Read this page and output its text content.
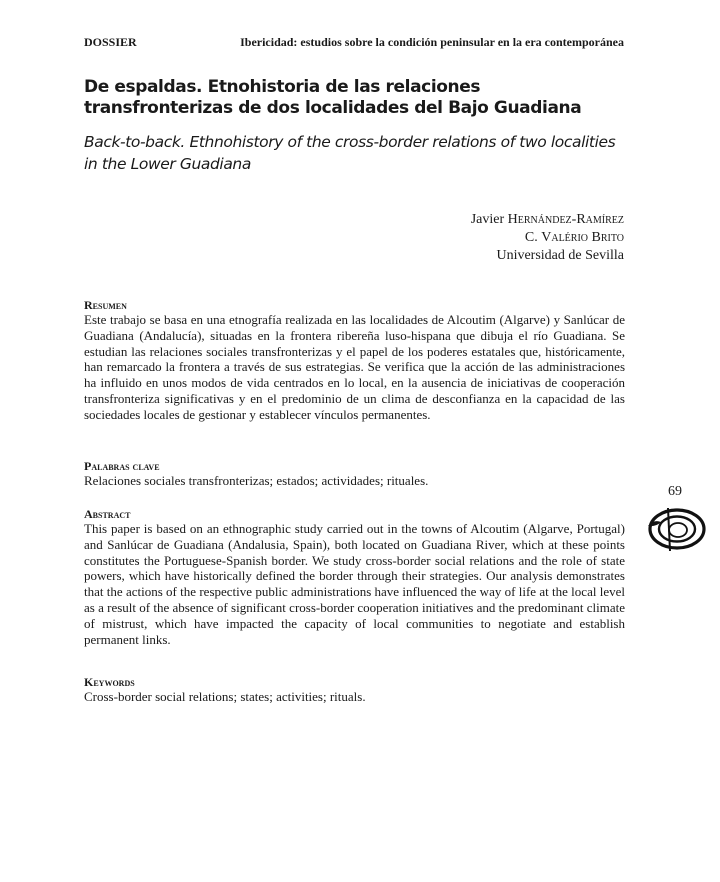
DOSSIER	Ibericidad: estudios sobre la condición peninsular en la era contemporánea
De espaldas. Etnohistoria de las relaciones transfronterizas de dos localidades del Bajo Guadiana
Back-to-back. Ethnohistory of the cross-border relations of two localities in the Lower Guadiana
Javier Hernández-Ramírez
C. Valério Brito
Universidad de Sevilla
Resumen

Este trabajo se basa en una etnografía realizada en las localidades de Alcoutim (Algarve) y Sanlúcar de Guadiana (Andalucía), situadas en la frontera ribereña luso-hispana que dibuja el río Guadiana. Se estudian las relaciones sociales transfronterizas y el papel de los poderes estatales que, históricamente, han remarcado la frontera a través de sus estrategias. Se verifica que la acción de las administraciones ha influido en unos modos de vida centrados en lo local, en la ausencia de iniciativas de cooperación transfronteriza significativas y en el predominio de un clima de desconfianza en la capacidad de las sociedades locales de gestionar y establecer vínculos permanentes.

Palabras clave

Relaciones sociales transfronterizas; estados; actividades; rituales.

Abstract

This paper is based on an ethnographic study carried out in the towns of Alcoutim (Algarve, Portugal) and Sanlúcar de Guadiana (Andalusia, Spain), both located on Guadiana River, which at these points constitutes the Portuguese-Spanish border. We study cross-border social relations and the role of state powers, which have historically defined the border through their strategies. Our analysis demonstrates that the actions of the respective public administrations have influenced the way of life at the local level as a result of the absence of significant cross-border cooperation initiatives and the predominant climate of mistrust, which have impacted the capacity of local communities to negotiate and establish permanent links.

Keywords

Cross-border social relations; states; activities; rituals.

69
